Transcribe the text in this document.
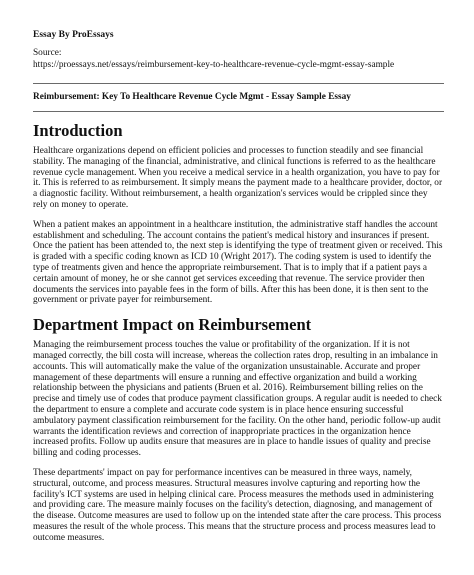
Essay By ProEssays

Source:

https://proessays.net/essays/reimbursement-key-to-healthcare-revenue-cycle-mgmt-essay-sample

Reimbursement: Key To Healthcare Revenue Cycle Mgmt - Essay Sample Essay

Introduction

Healthcare organizations depend on efficient policies and processes to function steadily and see financial stability. The managing of the financial, administrative, and clinical functions is referred to as the healthcare revenue cycle management. When you receive a medical service in a health organization, you have to pay for it. This is referred to as reimbursement. It simply means the payment made to a healthcare provider, doctor, or a diagnostic facility. Without reimbursement, a health organization's services would be crippled since they rely on money to operate.

When a patient makes an appointment in a healthcare institution, the administrative staff handles the account establishment and scheduling. The account contains the patient's medical history and insurances if present. Once the patient has been attended to, the next step is identifying the type of treatment given or received. This is graded with a specific coding known as ICD 10 (Wright 2017). The coding system is used to identify the type of treatments given and hence the appropriate reimbursement. That is to imply that if a patient pays a certain amount of money, he or she cannot get services exceeding that revenue. The service provider then documents the services into payable fees in the form of bills. After this has been done, it is then sent to the government or private payer for reimbursement.

Department Impact on Reimbursement

Managing the reimbursement process touches the value or profitability of the organization. If it is not managed correctly, the bill costa will increase, whereas the collection rates drop, resulting in an imbalance in accounts. This will automatically make the value of the organization unsustainable. Accurate and proper management of these departments will ensure a running and effective organization and build a working relationship between the physicians and patients (Bruen et al. 2016). Reimbursement billing relies on the precise and timely use of codes that produce payment classification groups. A regular audit is needed to check the department to ensure a complete and accurate code system is in place hence ensuring successful ambulatory payment classification reimbursement for the facility. On the other hand, periodic follow-up audit warrants the identification reviews and correction of inappropriate practices in the organization hence increased profits. Follow up audits ensure that measures are in place to handle issues of quality and precise billing and coding processes.

These departments' impact on pay for performance incentives can be measured in three ways, namely, structural, outcome, and process measures. Structural measures involve capturing and reporting how the facility's ICT systems are used in helping clinical care. Process measures the methods used in administering and providing care. The measure mainly focuses on the facility's detection, diagnosing, and management of the disease. Outcome measures are used to follow up on the intended state after the care process. This process measures the result of the whole process. This means that the structure process and process measures lead to outcome measures.
